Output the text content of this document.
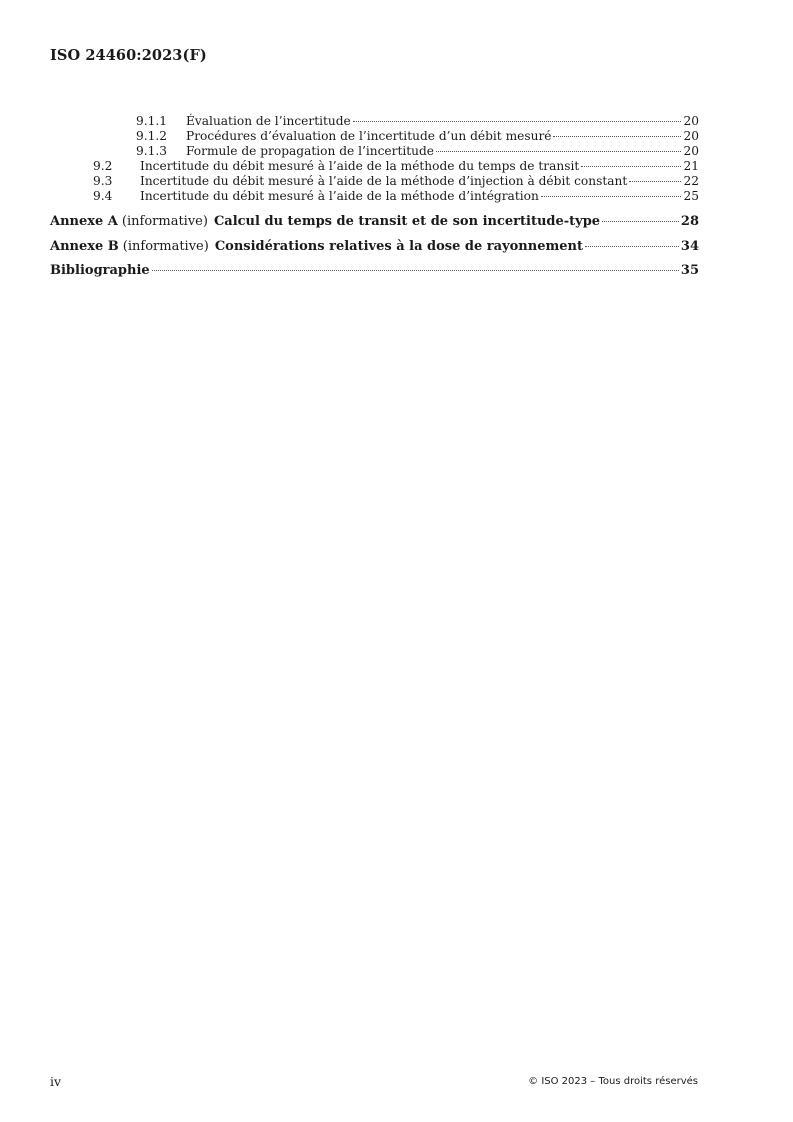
ISO 24460:2023(F)
9.1.1	Évaluation de l’incertitude	20
9.1.2	Procédures d’évaluation de l’incertitude d’un débit mesuré	20
9.1.3	Formule de propagation de l’incertitude	20
9.2	Incertitude du débit mesuré à l’aide de la méthode du temps de transit	21
9.3	Incertitude du débit mesuré à l’aide de la méthode d’injection à débit constant	22
9.4	Incertitude du débit mesuré à l’aide de la méthode d’intégration	25
Annexe A (informative) Calcul du temps de transit et de son incertitude-type	28
Annexe B (informative) Considérations relatives à la dose de rayonnement	34
Bibliographie	35
iv	© ISO 2023 – Tous droits réservés
